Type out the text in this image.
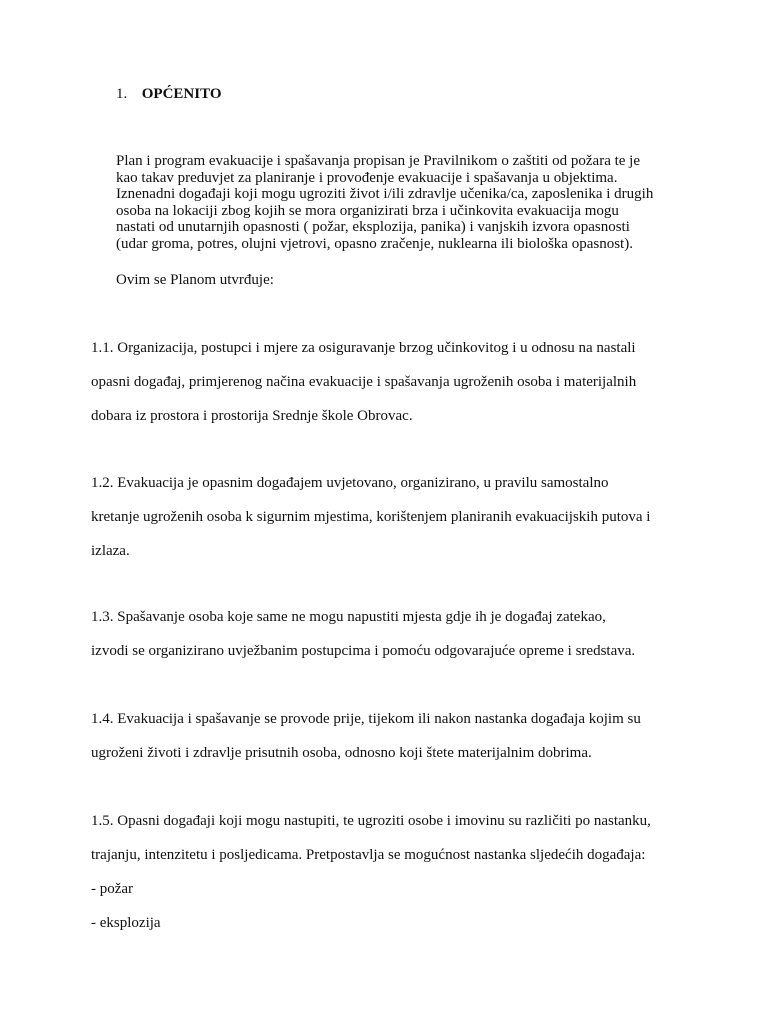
1. OPĆENITO

Plan i program evakuacije i spašavanja propisan je Pravilnikom o zaštiti od požara te je
kao takav preduvjet za planiranje i provođenje evakuacije i spašavanja u objektima.
Iznenadni događaji koji mogu ugroziti život i/ili zdravlje učenika/ca, zaposlenika i drugih
osoba na lokaciji zbog kojih se mora organizirati brza i učinkovita evakuacija mogu
nastati od unutarnjih opasnosti ( požar, eksplozija, panika) i vanjskih izvora opasnosti
(udar groma, potres, olujni vjetrovi, opasno zračenje, nuklearna ili biološka opasnost).

Ovim se Planom utvrđuje:

1.1. Organizacija, postupci i mjere za osiguravanje brzog učinkovitog i u odnosu na nastali
opasni događaj, primjerenog načina evakuacije i spašavanja ugroženih osoba i materijalnih
dobara iz prostora i prostorija Srednje škole Obrovac.
1.2. Evakuacija je opasnim događajem uvjetovano, organizirano, u pravilu samostalno
kretanje ugroženih osoba k sigurnim mjestima, korištenjem planiranih evakuacijskih putova i
izlaza.
1.3. Spašavanje osoba koje same ne mogu napustiti mjesta gdje ih je događaj zatekao,
izvodi se organizirano uvježbanim postupcima i pomoću odgovarajuće opreme i sredstava.
1.4. Evakuacija i spašavanje se provode prije, tijekom ili nakon nastanka događaja kojim su
ugroženi životi i zdravlje prisutnih osoba, odnosno koji štete materijalnim dobrima.
1.5. Opasni događaji koji mogu nastupiti, te ugroziti osobe i imovinu su različiti po nastanku,
trajanju, intenzitetu i posljedicama. Pretpostavlja se mogućnost nastanka sljedećih događaja:
- požar
- eksplozija
